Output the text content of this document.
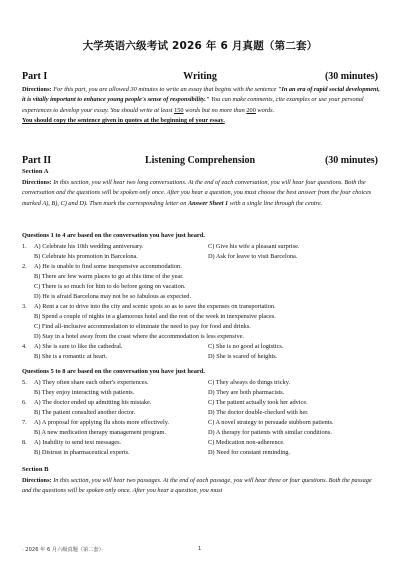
大学英语六级考试 2026 年 6 月真题（第二套）
Part I	Writing	(30 minutes)
Directions: For this part, you are allowed 30 minutes to write an essay that begins with the sentence "In an era of rapid social development, it is vitally important to enhance young people's sense of responsibility." You can make comments, cite examples or use your personal experiences to develop your essay. You should write at least 150 words but no more than 200 words.
You should copy the sentence given in quotes at the beginning of your essay.
Part II	Listening Comprehension	(30 minutes)
Section A
Directions: In this section, you will hear two long conversations. At the end of each conversation, you will hear four questions. Both the conversation and the questions will be spoken only once. After you hear a question, you must choose the best answer from the four choices marked A), B), C) and D). Then mark the corresponding letter on Answer Sheet 1 with a single line through the centre.
Questions 1 to 4 are based on the conversation you have just heard.
1. A) Celebrate his 10th wedding anniversary.	C) Give his wife a pleasant surprise.
B) Celebrate his promotion in Barcelona.	D) Ask for leave to visit Barcelona.
2. A) He is unable to find some inexpensive accommodation.
B) There are few warm places to go at this time of the year.
C) There is so much for him to do before going on vacation.
D) He is afraid Barcelona may not be so fabulous as expected.
3. A) Rent a car to drive into the city and scenic spots so as to save the expenses on transportation.
B) Spend a couple of nights in a glamorous hotel and the rest of the week in inexpensive places.
C) Find all-inclusive accommodation to eliminate the need to pay for food and drinks.
D) Stay in a hotel away from the coast where the accommodation is less expensive.
4. A) She is sure to like the cathedral.	C) She is no good at logistics.
B) She is a romantic at heart.	D) She is scared of heights.
Questions 5 to 8 are based on the conversation you have just heard.
5. A) They often share each other's experiences.	C) They always do things tricky.
B) They enjoy interacting with patients.	D) They are both pharmacists.
6. A) The doctor ended up admitting his mistake.	C) The patient actually took her advice.
B) The patient consulted another doctor.	D) The doctor double-checked with her.
7. A) A proposal for applying flu shots more effectively.	C) A novel strategy to persuade stubborn patients.
B) A new medication therapy management program.	D) A therapy for patients with similar conditions.
8. A) Inability to send text messages.	C) Medication non-adherence.
B) Distrust in pharmaceutical experts.	D) Need for constant reminding.
Section B
Directions: In this section, you will hear two passages. At the end of each passage, you will hear three or four questions. Both the passage and the questions will be spoken only once. After you hear a question, you must
· 2026 年 6 月六级真题（第二套）·	1
